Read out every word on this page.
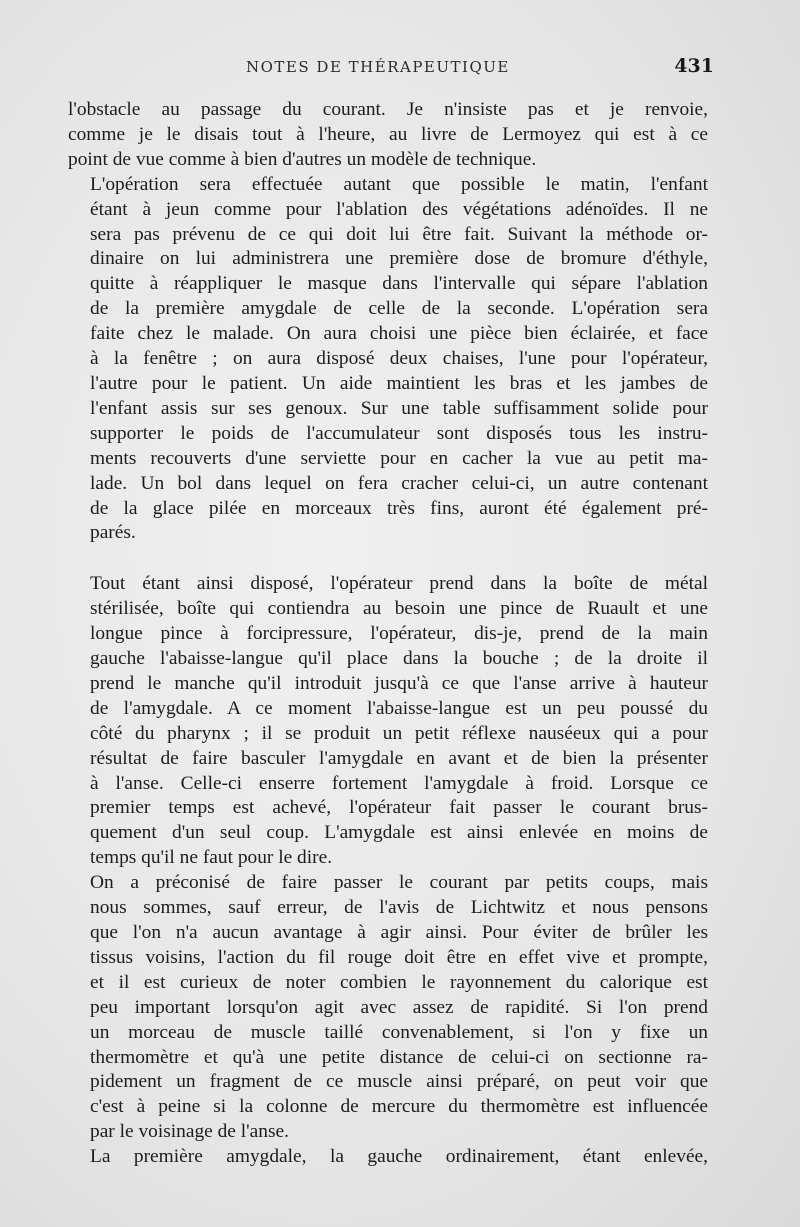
NOTES DE THÉRAPEUTIQUE	431

l'obstacle au passage du courant. Je n'insiste pas et je renvoie,
comme je le disais tout à l'heure, au livre de Lermoyez qui est à ce
point de vue comme à bien d'autres un modèle de technique.

L'opération sera effectuée autant que possible le matin, l'enfant
étant à jeun comme pour l'ablation des végétations adénoïdes. Il ne
sera pas prévenu de ce qui doit lui être fait. Suivant la méthode or-
dinaire on lui administrera une première dose de bromure d'éthyle,
quitte à réappliquer le masque dans l'intervalle qui sépare l'ablation
de la première amygdale de celle de la seconde. L'opération sera
faite chez le malade. On aura choisi une pièce bien éclairée, et face
à la fenêtre ; on aura disposé deux chaises, l'une pour l'opérateur,
l'autre pour le patient. Un aide maintient les bras et les jambes de
l'enfant assis sur ses genoux. Sur une table suffisamment solide pour
supporter le poids de l'accumulateur sont disposés tous les instru-
ments recouverts d'une serviette pour en cacher la vue au petit ma-
lade. Un bol dans lequel on fera cracher celui-ci, un autre contenant
de la glace pilée en morceaux très fins, auront été également pré-
parés.

Tout étant ainsi disposé, l'opérateur prend dans la boîte de métal
stérilisée, boîte qui contiendra au besoin une pince de Ruault et une
longue pince à forcipressure, l'opérateur, dis-je, prend de la main
gauche l'abaisse-langue qu'il place dans la bouche ; de la droite il
prend le manche qu'il introduit jusqu'à ce que l'anse arrive à hauteur
de l'amygdale. A ce moment l'abaisse-langue est un peu poussé du
côté du pharynx ; il se produit un petit réflexe nauséeux qui a pour
résultat de faire basculer l'amygdale en avant et de bien la présenter
à l'anse. Celle-ci enserre fortement l'amygdale à froid. Lorsque ce
premier temps est achevé, l'opérateur fait passer le courant brus-
quement d'un seul coup. L'amygdale est ainsi enlevée en moins de
temps qu'il ne faut pour le dire.

On a préconisé de faire passer le courant par petits coups, mais
nous sommes, sauf erreur, de l'avis de Lichtwitz et nous pensons
que l'on n'a aucun avantage à agir ainsi. Pour éviter de brûler les
tissus voisins, l'action du fil rouge doit être en effet vive et prompte,
et il est curieux de noter combien le rayonnement du calorique est
peu important lorsqu'on agit avec assez de rapidité. Si l'on prend
un morceau de muscle taillé convenablement, si l'on y fixe un
thermomètre et qu'à une petite distance de celui-ci on sectionne ra-
pidement un fragment de ce muscle ainsi préparé, on peut voir que
c'est à peine si la colonne de mercure du thermomètre est influencée
par le voisinage de l'anse.

La première amygdale, la gauche ordinairement, étant enlevée,
